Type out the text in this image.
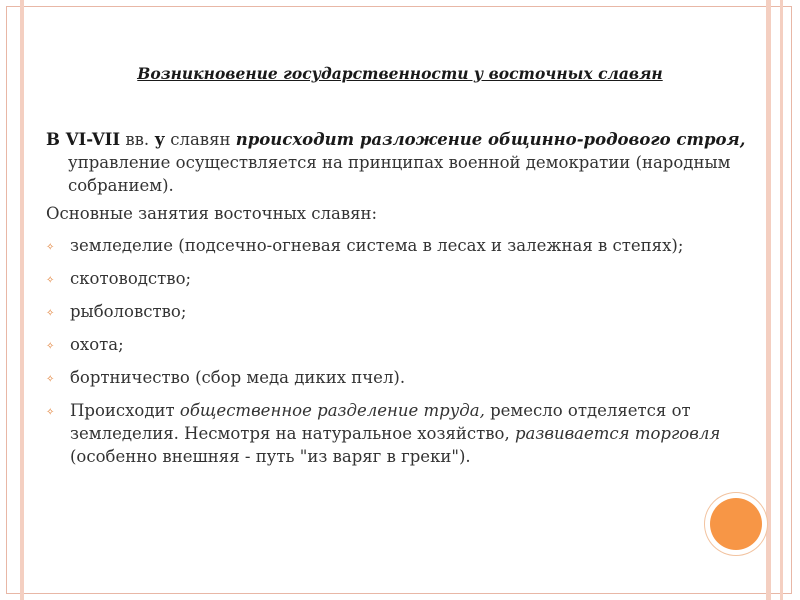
Возникновение государственности у восточных славян

В VI-VII вв. у славян происходит разложение общинно-родового строя, управление осуществляется на принципах военной демократии (народным собранием).

Основные занятия восточных славян:

✧ земледелие (подсечно-огневая система в лесах и залежная в степях);
✧ скотоводство;
✧ рыболовство;
✧ охота;
✧ бортничество (сбор меда диких пчел).
✧ Происходит общественное разделение труда, ремесло отделяется от земледелия. Несмотря на натуральное хозяйство, развивается торговля (особенно внешняя - путь "из варяг в греки").
